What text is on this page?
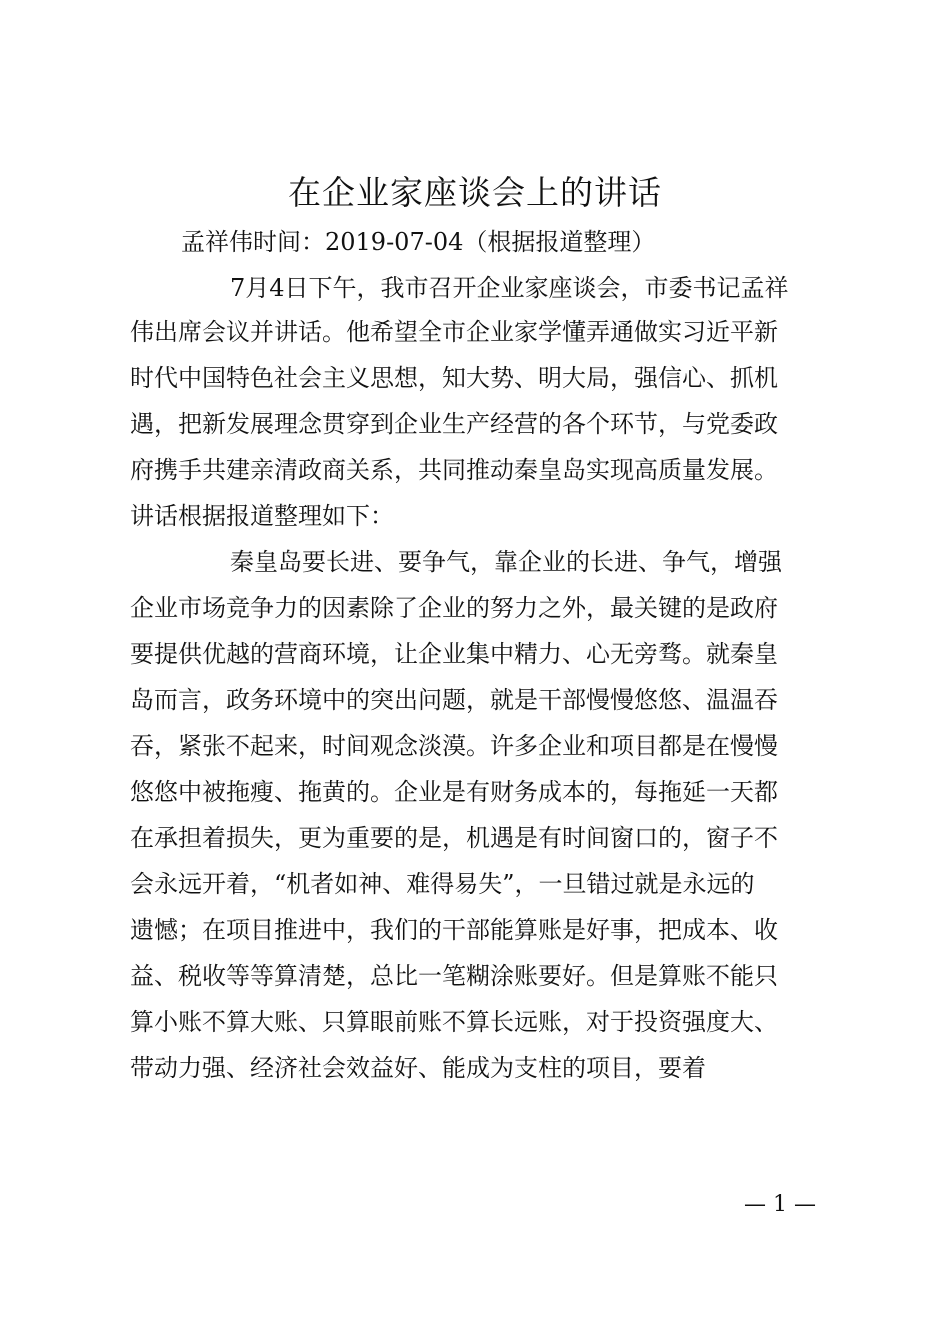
在企业家座谈会上的讲话
孟祥伟时间：2019-07-04（根据报道整理）
7月4日下午，我市召开企业家座谈会，市委书记孟祥
伟出席会议并讲话。他希望全市企业家学懂弄通做实习近平新
时代中国特色社会主义思想，知大势、明大局，强信心、抓机
遇，把新发展理念贯穿到企业生产经营的各个环节，与党委政
府携手共建亲清政商关系，共同推动秦皇岛实现高质量发展。
讲话根据报道整理如下：
秦皇岛要长进、要争气，靠企业的长进、争气，增强
企业市场竞争力的因素除了企业的努力之外，最关键的是政府
要提供优越的营商环境，让企业集中精力、心无旁骛。就秦皇
岛而言，政务环境中的突出问题，就是干部慢慢悠悠、温温吞
吞，紧张不起来，时间观念淡漠。许多企业和项目都是在慢慢
悠悠中被拖瘦、拖黄的。企业是有财务成本的，每拖延一天都
在承担着损失，更为重要的是，机遇是有时间窗口的，窗子不
会永远开着，“机者如神、难得易失”，一旦错过就是永远的
遗憾；在项目推进中，我们的干部能算账是好事，把成本、收
益、税收等等算清楚，总比一笔糊涂账要好。但是算账不能只
算小账不算大账、只算眼前账不算长远账，对于投资强度大、
带动力强、经济社会效益好、能成为支柱的项目，要着
— 1 —
